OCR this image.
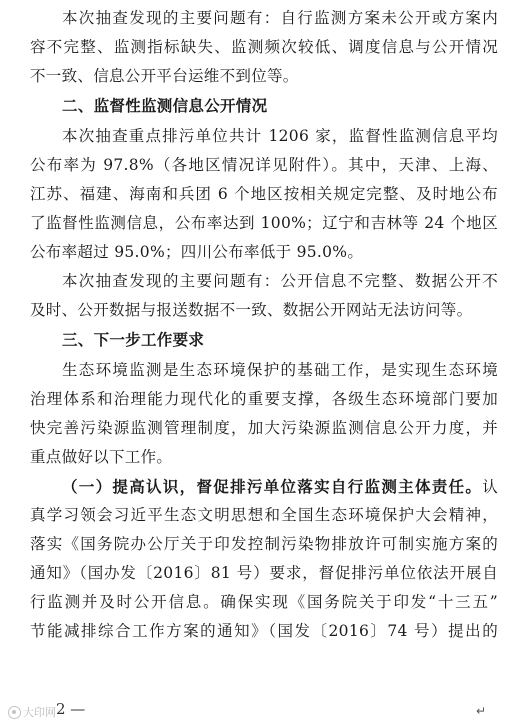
本次抽查发现的主要问题有：自行监测方案未公开或方案内
容不完整、监测指标缺失、监测频次较低、调度信息与公开情况
不一致、信息公开平台运维不到位等。
二、监督性监测信息公开情况
本次抽查重点排污单位共计 1206 家，监督性监测信息平均
公布率为 97.8%（各地区情况详见附件）。其中，天津、上海、
江苏、福建、海南和兵团 6 个地区按相关规定完整、及时地公布
了监督性监测信息，公布率达到 100%；辽宁和吉林等 24 个地区
公布率超过 95.0%；四川公布率低于 95.0%。
本次抽查发现的主要问题有：公开信息不完整、数据公开不
及时、公开数据与报送数据不一致、数据公开网站无法访问等。
三、下一步工作要求
生态环境监测是生态环境保护的基础工作，是实现生态环境
治理体系和治理能力现代化的重要支撑，各级生态环境部门要加
快完善污染源监测管理制度，加大污染源监测信息公开力度，并
重点做好以下工作。
（一）提高认识，督促排污单位落实自行监测主体责任。认
真学习领会习近平生态文明思想和全国生态环境保护大会精神，
落实《国务院办公厅关于印发控制污染物排放许可制实施方案的
通知》（国办发〔2016〕81 号）要求，督促排污单位依法开展自
行监测并及时公开信息。确保实现《国务院关于印发“十三五”
节能减排综合工作方案的通知》（国发〔2016〕74 号）提出的
大印网 2 —	↵
